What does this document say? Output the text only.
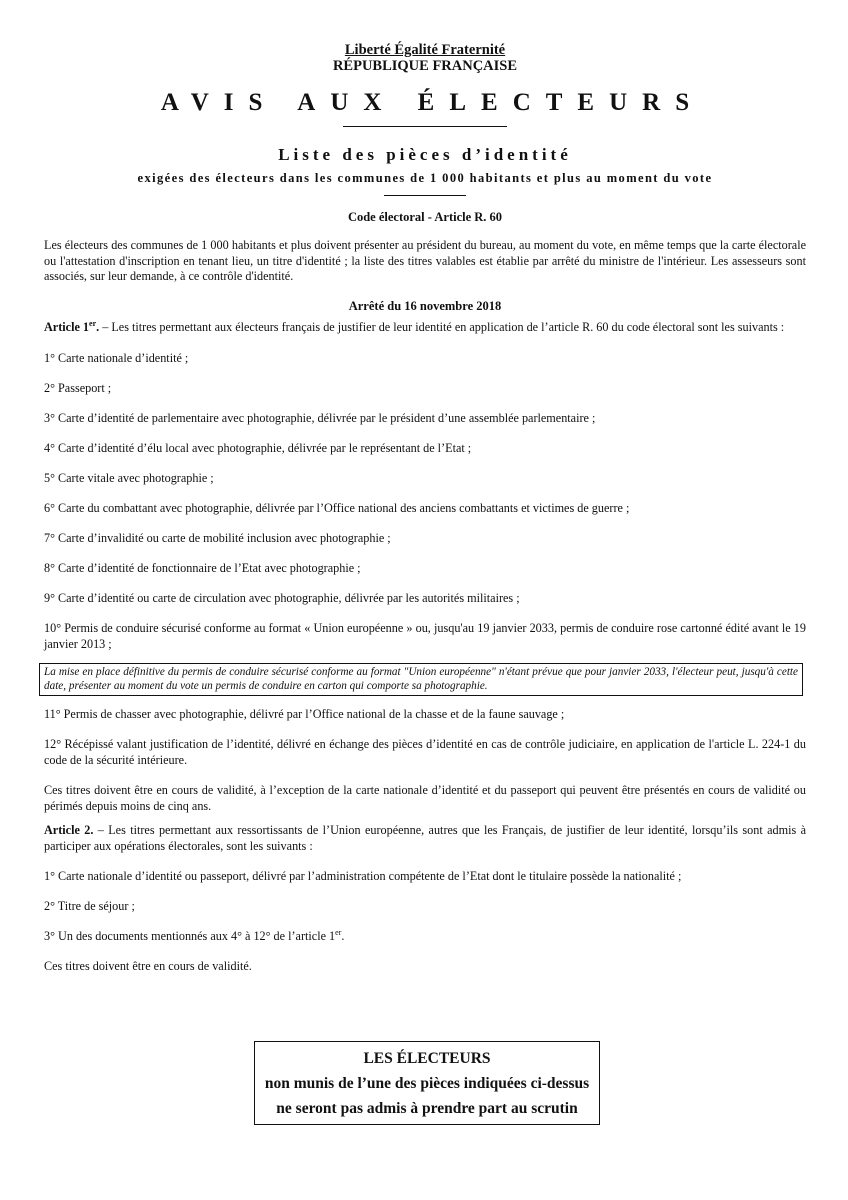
Liberté Égalité Fraternité
RÉPUBLIQUE FRANÇAISE
AVIS AUX ÉLECTEURS
Liste des pièces d’identité
exigées des électeurs dans les communes de 1 000 habitants et plus au moment du vote
Code électoral - Article R. 60

Les électeurs des communes de 1 000 habitants et plus doivent présenter au président du bureau, au moment du vote, en même temps que la carte électorale ou l'attestation d'inscription en tenant lieu, un titre d'identité ; la liste des titres valables est établie par arrêté du ministre de l'intérieur. Les assesseurs sont associés, sur leur demande, à ce contrôle d'identité.

Arrêté du 16 novembre 2018

Article 1er. – Les titres permettant aux électeurs français de justifier de leur identité en application de l’article R. 60 du code électoral sont les suivants :

1° Carte nationale d’identité ;

2° Passeport ;

3° Carte d’identité de parlementaire avec photographie, délivrée par le président d’une assemblée parlementaire ;

4° Carte d’identité d’élu local avec photographie, délivrée par le représentant de l’Etat ;

5° Carte vitale avec photographie ;

6° Carte du combattant avec photographie, délivrée par l’Office national des anciens combattants et victimes de guerre ;

7° Carte d’invalidité ou carte de mobilité inclusion avec photographie ;

8° Carte d’identité de fonctionnaire de l’Etat avec photographie ;

9° Carte d’identité ou carte de circulation avec photographie, délivrée par les autorités militaires ;

10° Permis de conduire sécurisé conforme au format « Union européenne » ou, jusqu'au 19 janvier 2033, permis de conduire rose cartonné édité avant le 19 janvier 2013 ;

La mise en place définitive du permis de conduire sécurisé conforme au format "Union européenne" n'étant prévue que pour janvier 2033, l'électeur peut, jusqu'à cette date, présenter au moment du vote un permis de conduire en carton qui comporte sa photographie.

11° Permis de chasser avec photographie, délivré par l’Office national de la chasse et de la faune sauvage ;

12° Récépissé valant justification de l’identité, délivré en échange des pièces d’identité en cas de contrôle judiciaire, en application de l'article L. 224-1 du code de la sécurité intérieure.

Ces titres doivent être en cours de validité, à l’exception de la carte nationale d’identité et du passeport qui peuvent être présentés en cours de validité ou périmés depuis moins de cinq ans.

Article 2. – Les titres permettant aux ressortissants de l’Union européenne, autres que les Français, de justifier de leur identité, lorsqu’ils sont admis à participer aux opérations électorales, sont les suivants :

1° Carte nationale d’identité ou passeport, délivré par l’administration compétente de l’Etat dont le titulaire possède la nationalité ;

2° Titre de séjour ;

3° Un des documents mentionnés aux 4° à 12° de l’article 1er.

Ces titres doivent être en cours de validité.

LES ÉLECTEURS
non munis de l’une des pièces indiquées ci-dessus
ne seront pas admis à prendre part au scrutin
